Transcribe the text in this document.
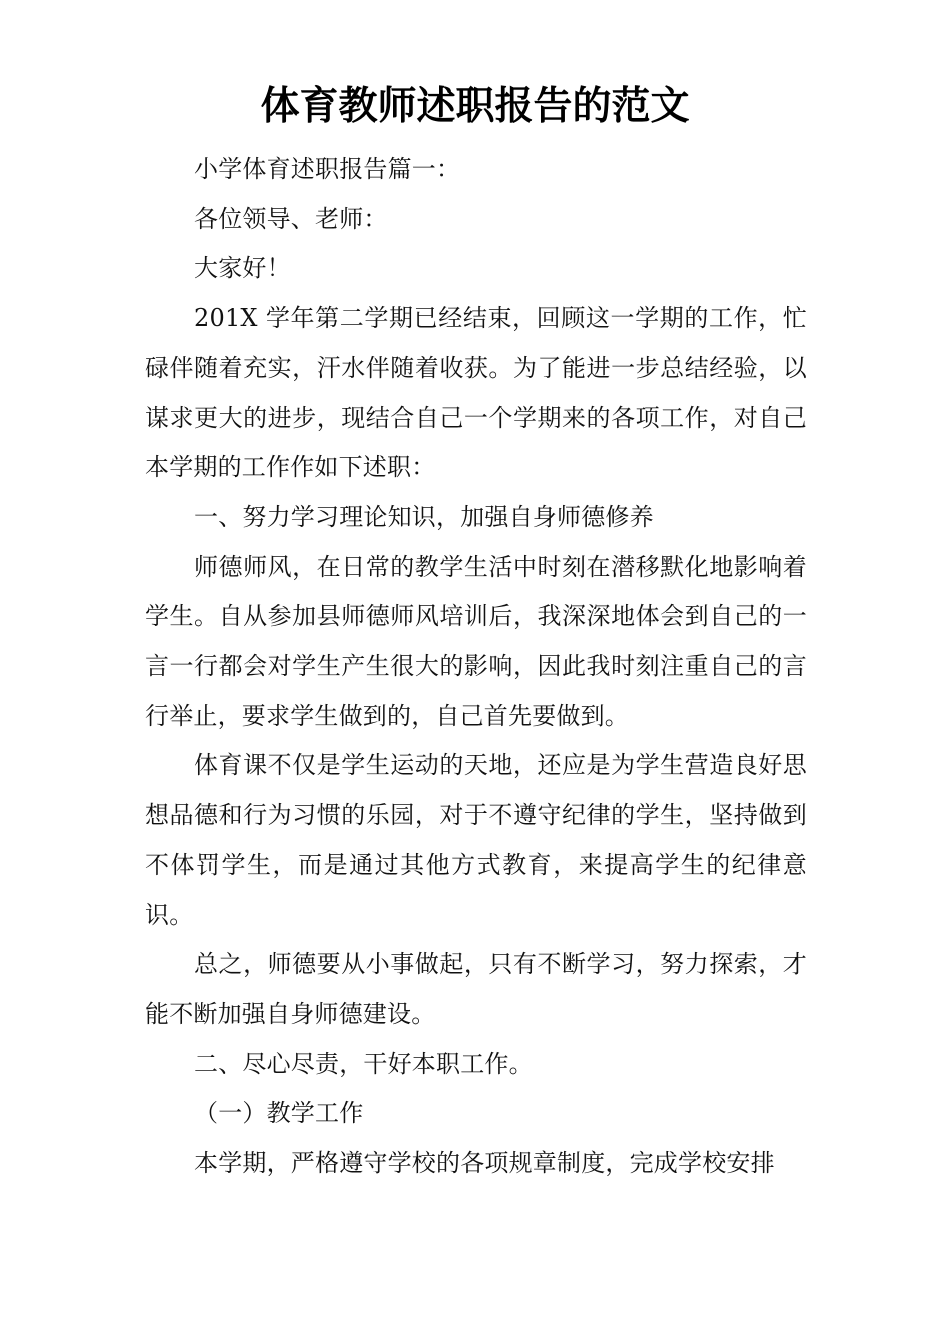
体育教师述职报告的范文

小学体育述职报告篇一：

各位领导、老师：

大家好！

201X 学年第二学期已经结束，回顾这一学期的工作，忙碌伴随着充实，汗水伴随着收获。为了能进一步总结经验，以谋求更大的进步，现结合自己一个学期来的各项工作，对自己本学期的工作作如下述职：

一、努力学习理论知识，加强自身师德修养

师德师风，在日常的教学生活中时刻在潜移默化地影响着学生。自从参加县师德师风培训后，我深深地体会到自己的一言一行都会对学生产生很大的影响，因此我时刻注重自己的言行举止，要求学生做到的，自己首先要做到。

体育课不仅是学生运动的天地，还应是为学生营造良好思想品德和行为习惯的乐园，对于不遵守纪律的学生，坚持做到不体罚学生，而是通过其他方式教育，来提高学生的纪律意识。

总之，师德要从小事做起，只有不断学习，努力探索，才能不断加强自身师德建设。

二、尽心尽责，干好本职工作。

（一）教学工作

本学期，严格遵守学校的各项规章制度，完成学校安排
